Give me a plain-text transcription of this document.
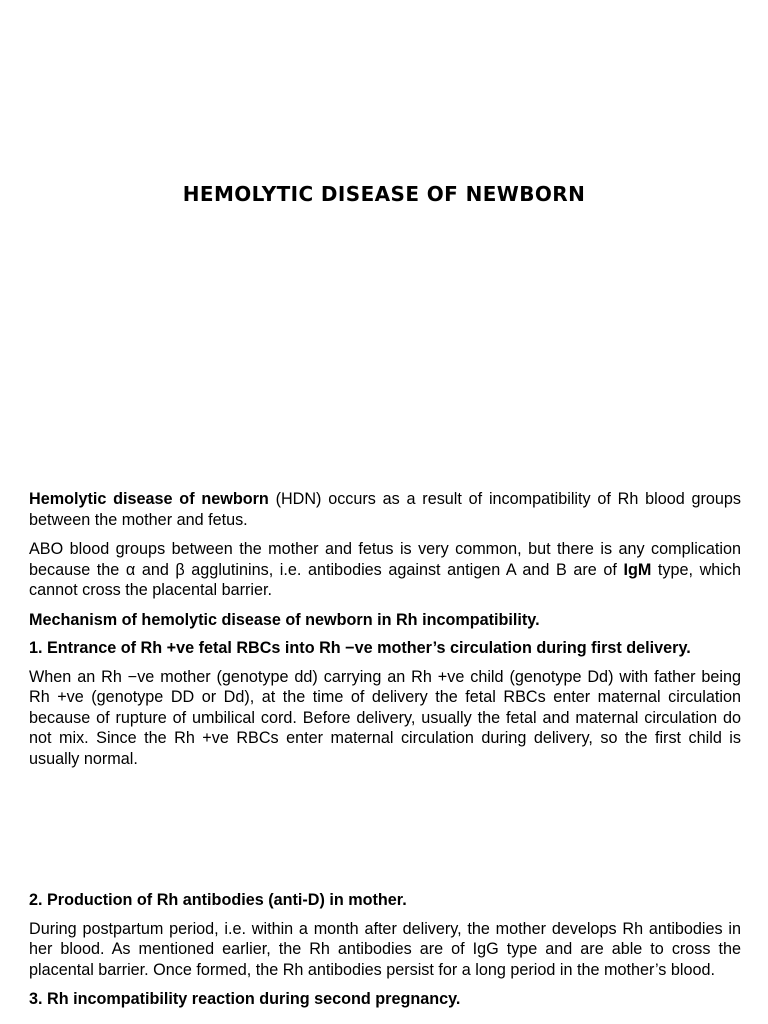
HEMOLYTIC DISEASE OF NEWBORN

Hemolytic disease of newborn (HDN) occurs as a result of incompatibility of Rh blood groups between the mother and fetus.

ABO blood groups between the mother and fetus is very common, but there is any complication because the α and β agglutinins, i.e. antibodies against antigen A and B are of IgM type, which cannot cross the placental barrier.

Mechanism of hemolytic disease of newborn in Rh incompatibility.

1. Entrance of Rh +ve fetal RBCs into Rh −ve mother’s circulation during first delivery.

When an Rh −ve mother (genotype dd) carrying an Rh +ve child (genotype Dd) with father being Rh +ve (genotype DD or Dd), at the time of delivery the fetal RBCs enter maternal circulation because of rupture of umbilical cord. Before delivery, usually the fetal and maternal circulation do not mix. Since the Rh +ve RBCs enter maternal circulation during delivery, so the first child is usually normal.

2. Production of Rh antibodies (anti-D) in mother.

During postpartum period, i.e. within a month after delivery, the mother develops Rh antibodies in her blood. As mentioned earlier, the Rh antibodies are of IgG type and are able to cross the placental barrier. Once formed, the Rh antibodies persist for a long period in the mother’s blood.

3. Rh incompatibility reaction during second pregnancy.
